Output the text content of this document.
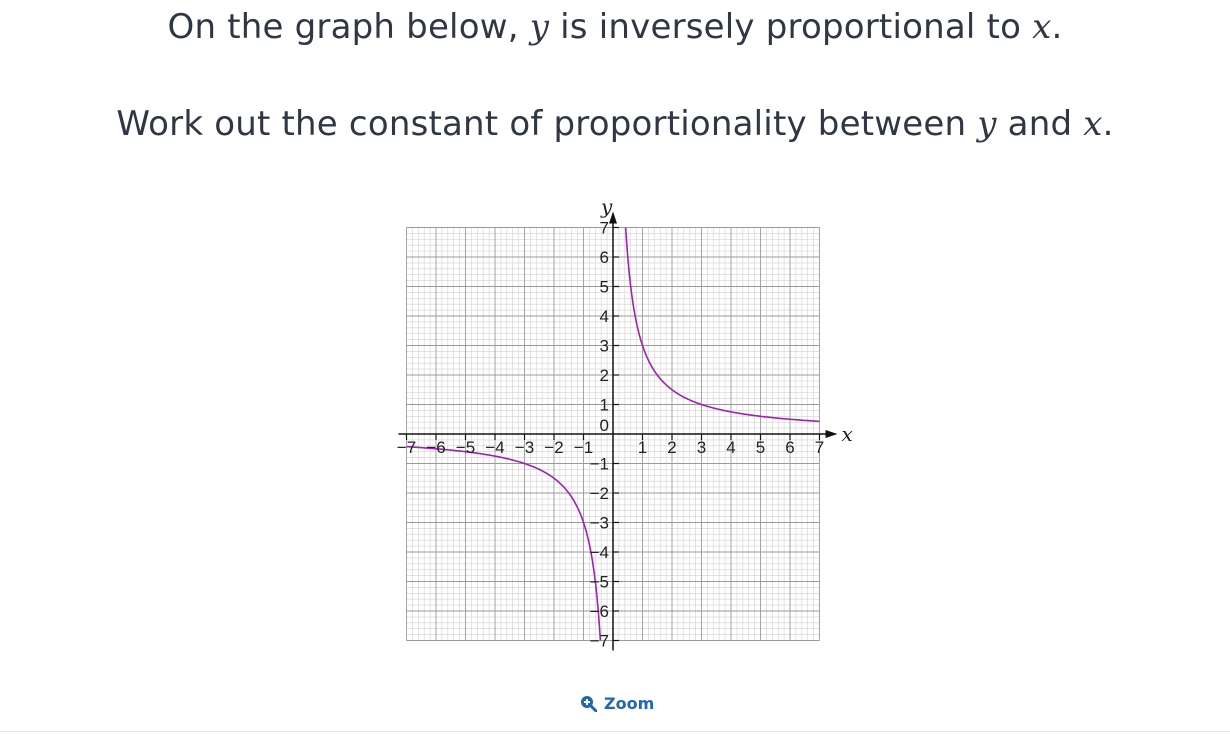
On the graph below, y is inversely proportional to x.
Work out the constant of proportionality between y and x.
−7 −6 −5 −4 −3 −2 −1	1 2 3 4 5 6 7
−7
−6
−5
−4
−3
−2
−1
1
2
3
4
5
6
7
0	x
y
Zoom
